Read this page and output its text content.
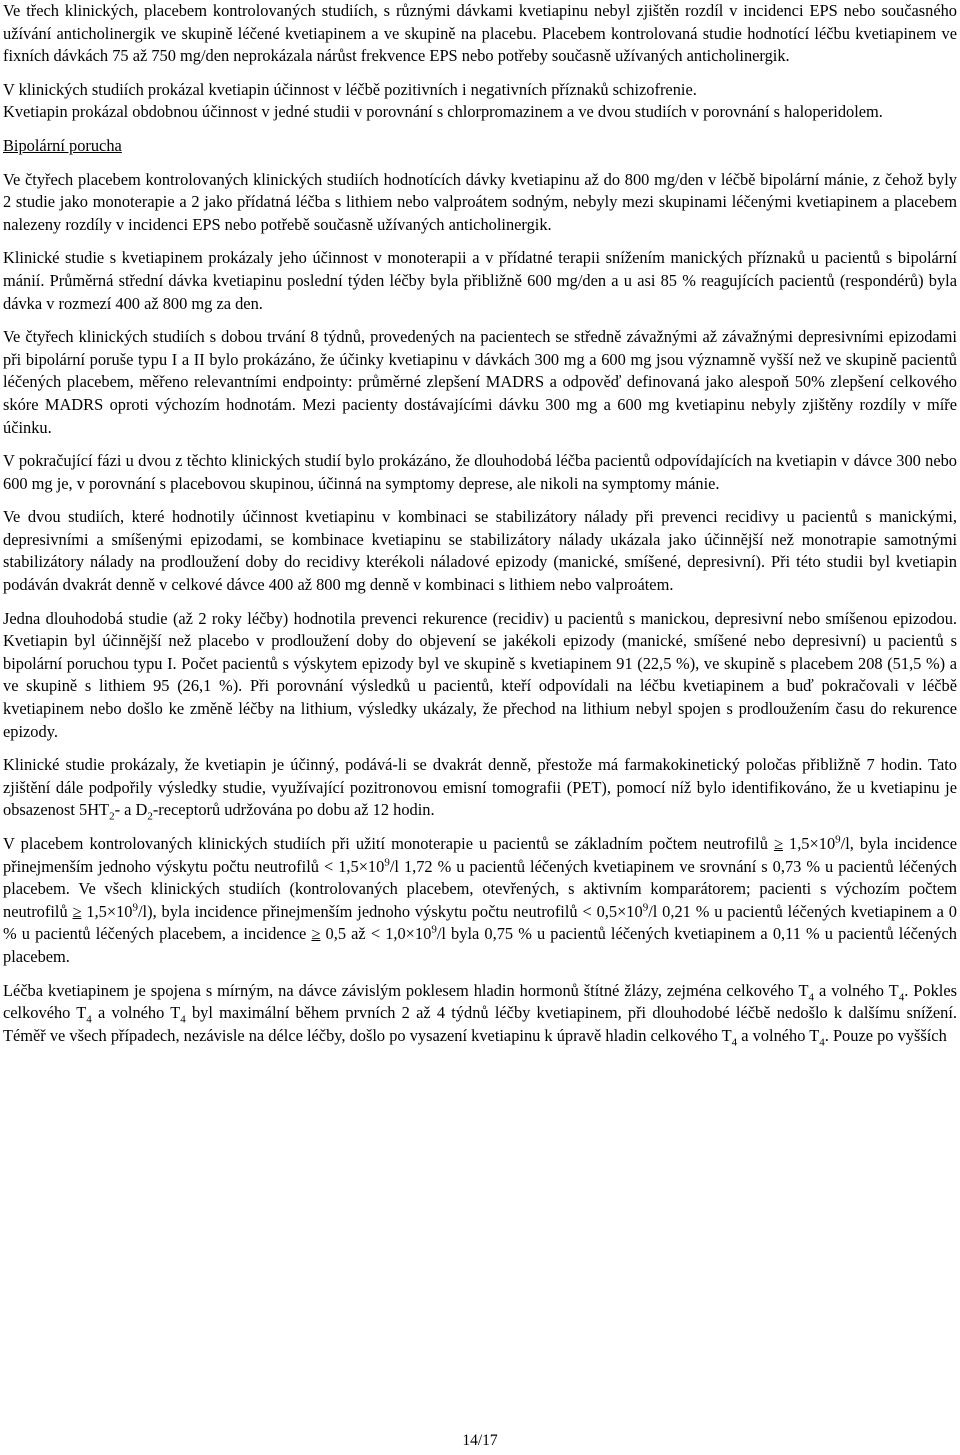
Ve třech klinických, placebem kontrolovaných studiích, s různými dávkami kvetiapinu nebyl zjištěn rozdíl v incidenci EPS nebo současného užívání anticholinergik ve skupině léčené kvetiapinem a ve skupině na placebu. Placebem kontrolovaná studie hodnotící léčbu kvetiapinem ve fixních dávkách 75 až 750 mg/den neprokázala nárůst frekvence EPS nebo potřeby současně užívaných anticholinergik.

V klinických studiích prokázal kvetiapin účinnost v léčbě pozitivních i negativních příznaků schizofrenie.

Kvetiapin prokázal obdobnou účinnost v jedné studii v porovnání s chlorpromazinem a ve dvou studiích v porovnání s haloperidolem.

Bipolární porucha

Ve čtyřech placebem kontrolovaných klinických studiích hodnotících dávky kvetiapinu až do 800 mg/den v léčbě bipolární mánie, z čehož byly 2 studie jako monoterapie a 2 jako přídatná léčba s lithiem nebo valproátem sodným, nebyly mezi skupinami léčenými kvetiapinem a placebem nalezeny rozdíly v incidenci EPS nebo potřebě současně užívaných anticholinergik.

Klinické studie s kvetiapinem prokázaly jeho účinnost v monoterapii a v přídatné terapii snížením manických příznaků u pacientů s bipolární mánií. Průměrná střední dávka kvetiapinu poslední týden léčby byla přibližně 600 mg/den a u asi 85 % reagujících pacientů (respondérů) byla dávka v rozmezí 400 až 800 mg za den.

Ve čtyřech klinických studiích s dobou trvání 8 týdnů, provedených na pacientech se středně závažnými až závažnými depresivními epizodami při bipolární poruše typu I a II bylo prokázáno, že účinky kvetiapinu v dávkách 300 mg a 600 mg jsou významně vyšší než ve skupině pacientů léčených placebem, měřeno relevantními endpointy: průměrné zlepšení MADRS a odpověď definovaná jako alespoň 50% zlepšení celkového skóre MADRS oproti výchozím hodnotám. Mezi pacienty dostávajícími dávku 300 mg a 600 mg kvetiapinu nebyly zjištěny rozdíly v míře účinku.

V pokračující fázi u dvou z těchto klinických studií bylo prokázáno, že dlouhodobá léčba pacientů odpovídajících na kvetiapin v dávce 300 nebo 600 mg je, v porovnání s placebovou skupinou, účinná na symptomy deprese, ale nikoli na symptomy mánie.

Ve dvou studiích, které hodnotily účinnost kvetiapinu v kombinaci se stabilizátory nálady při prevenci recidivy u pacientů s manickými, depresivními a smíšenými epizodami, se kombinace kvetiapinu se stabilizátory nálady ukázala jako účinnější než monotrapie samotnými stabilizátory nálady na prodloužení doby do recidivy kterékoli náladové epizody (manické, smíšené, depresivní). Při této studii byl kvetiapin podáván dvakrát denně v celkové dávce 400 až 800 mg denně v kombinaci s lithiem nebo valproátem.

Jedna dlouhodobá studie (až 2 roky léčby) hodnotila prevenci rekurence (recidiv) u pacientů s manickou, depresivní nebo smíšenou epizodou. Kvetiapin byl účinnější než placebo v prodloužení doby do objevení se jakékoli epizody (manické, smíšené nebo depresivní) u pacientů s bipolární poruchou typu I. Počet pacientů s výskytem epizody byl ve skupině s kvetiapinem 91 (22,5 %), ve skupině s placebem 208 (51,5 %) a ve skupině s lithiem 95 (26,1 %). Při porovnání výsledků u pacientů, kteří odpovídali na léčbu kvetiapinem a buď pokračovali v léčbě kvetiapinem nebo došlo ke změně léčby na lithium, výsledky ukázaly, že přechod na lithium nebyl spojen s prodloužením času do rekurence epizody.

Klinické studie prokázaly, že kvetiapin je účinný, podává-li se dvakrát denně, přestože má farmakokinetický poločas přibližně 7 hodin. Tato zjištění dále podpořily výsledky studie, využívající pozitronovou emisní tomografii (PET), pomocí níž bylo identifikováno, že u kvetiapinu je obsazenost $5HT_2-$ a $D_2$-receptorů udržována po dobu až 12 hodin.

V placebem kontrolovaných klinických studiích při užití monoterapie u pacientů se základním počtem neutrofilů ≥ $1,5\times 10^9/l$, byla incidence přinejmenším jednoho výskytu počtu neutrofilů < $1,5\times 10^9/l$ 1,72 % u pacientů léčených kvetiapinem ve srovnání s 0,73 % u pacientů léčených placebem. Ve všech klinických studiích (kontrolovaných placebem, otevřených, s aktivním komparátorem; pacienti s výchozím počtem neutrofilů ≥ $1,5\times 10^9/l$), byla incidence přinejmenším jednoho výskytu počtu neutrofilů < $0,5\times 10^9/l$ 0,21 % u pacientů léčených kvetiapinem a 0 % u pacientů léčených placebem, a incidence ≥ 0,5 až < $1,0\times 10^9/l$ byla 0,75 % u pacientů léčených kvetiapinem a 0,11 % u pacientů léčených placebem.

Léčba kvetiapinem je spojena s mírným, na dávce závislým poklesem hladin hormonů štítné žlázy, zejména celkového $T_4$ a volného $T_4$. Pokles celkového $T_4$ a volného $T_4$ byl maximální během prvních 2 až 4 týdnů léčby kvetiapinem, při dlouhodobé léčbě nedošlo k dalšímu snížení. Téměř ve všech případech, nezávisle na délce léčby, došlo po vysazení kvetiapinu k úpravě hladin celkového $T_4$ a volného $T_4$. Pouze po vyšších

14/17
